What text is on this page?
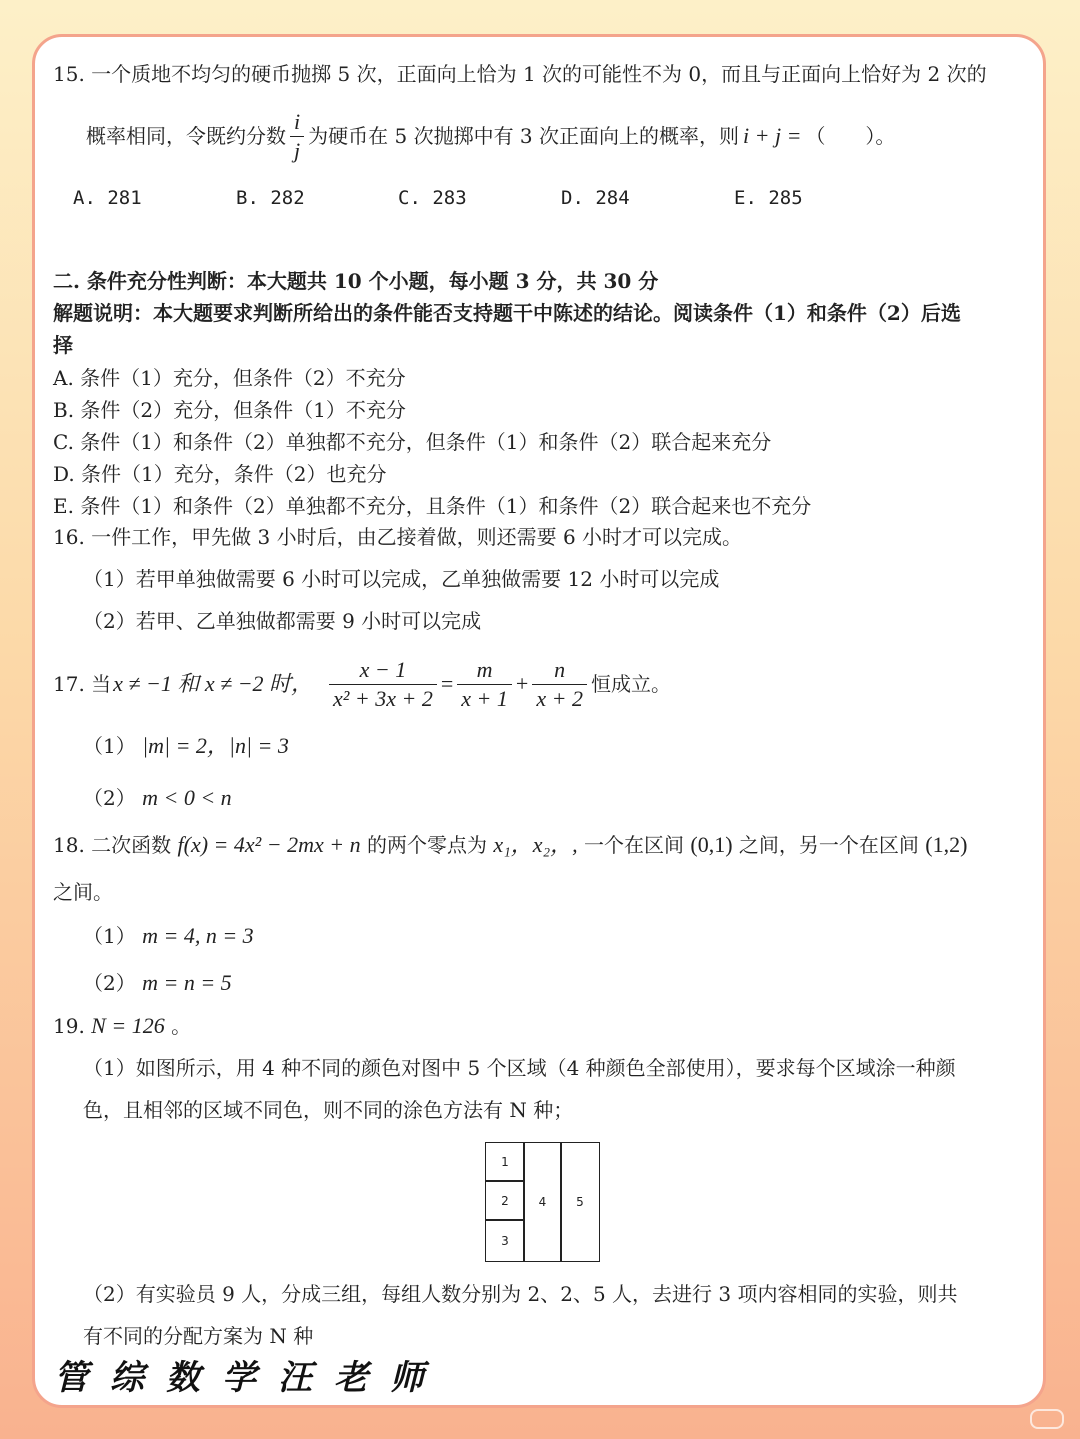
15. 一个质地不均匀的硬币抛掷 5 次，正面向上恰为 1 次的可能性不为 0，而且与正面向上恰好为 2 次的
概率相同，令既约分数 $\frac{i}{j}$ 为硬币在 5 次抛掷中有 3 次正面向上的概率，则 i + j = （　　）。
A. 281	B. 282	C. 283	D. 284	E. 285
二. 条件充分性判断：本大题共 10 个小题，每小题 3 分，共 30 分
解题说明：本大题要求判断所给出的条件能否支持题干中陈述的结论。阅读条件（1）和条件（2）后选
择
A. 条件（1）充分，但条件（2）不充分
B. 条件（2）充分，但条件（1）不充分
C. 条件（1）和条件（2）单独都不充分，但条件（1）和条件（2）联合起来充分
D. 条件（1）充分，条件（2）也充分
E. 条件（1）和条件（2）单独都不充分，且条件（1）和条件（2）联合起来也不充分
16. 一件工作，甲先做 3 小时后，由乙接着做，则还需要 6 小时才可以完成。
（1）若甲单独做需要 6 小时可以完成，乙单独做需要 12 小时可以完成
（2）若甲、乙单独做都需要 9 小时可以完成
17. 当 x ≠ −1 和 x ≠ −2 时， $\frac{x - 1}{\text{x² + 3x + 2}} = \frac{m}{x + 1} + \frac{n}{x + 2}$ 恒成立。
（1） |m| = 2，|n| = 3
（2） m < 0 < n
18. 二次函数 f(x) = 4x² − 2mx + n 的两个零点为 x₁，x₂，, 一个在区间 (0,1) 之间，另一个在区间 (1,2)
之间。
（1） m = 4, n = 3
（2） m = n = 5
19. N = 126 。
（1）如图所示，用 4 种不同的颜色对图中 5 个区域（4 种颜色全部使用），要求每个区域涂一种颜
色，且相邻的区域不同色，则不同的涂色方法有 N 种；
1
2
3
4	5
（2）有实验员 9 人，分成三组，每组人数分别为 2、2、5 人，去进行 3 项内容相同的实验，则共
有不同的分配方案为 N 种
管综数学汪老师
